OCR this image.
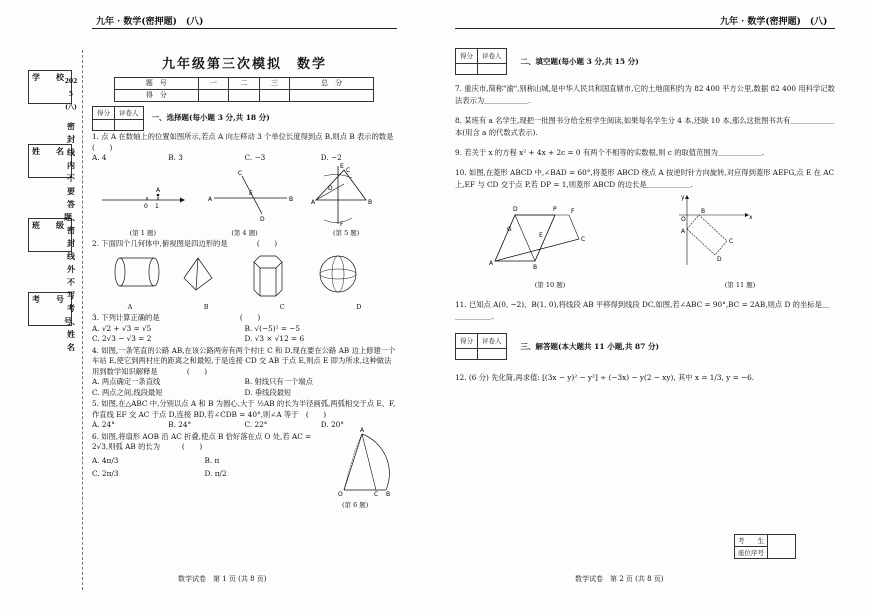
九年 · 数学(密押题)　(八)	九年 · 数学(密押题)　(八)
学　校
姓　名
班　级
考　号
2025(八)
密封线内不要答题、密封线外不写考号、姓名
九年级第三次模拟　数学
题　号	一	二	三	总　分
得　分				
得分	评卷人

一、选择题(每小题 3 分,共 18 分)
1. 点 A 在数轴上的位置如图所示,若点 A 向左移动 3 个单位长度得到点 B,则点 B 表示的数是　　　　(　　)
A. 4	B. 3	C. −3	D. −2
0 1
A
A	B
C
D
E
E
F
A	B
C
D
(第 1 题)	(第 4 题)	(第 5 题)
2. 下面四个几何体中,俯视图是四边形的是　　　　(　　)
A	B	C	D
3. 下列计算正确的是　　　　　　　　　　　(　　)
A. √2 + √3 = √5	B. √(−5)² = −5
C. 2√3 − √3 = 2	D. √3 × √12 = 6
4. 如图,一条笔直的公路 AB,在该公路两旁有两个村庄 C 和 D,现在要在公路 AB 边上修建一个车站 E,使它到两村庄的距离之和最短,于是连接 CD 交 AB 于点 E,则点 E 即为所求,这种做法用到数学知识解释是　　　　(　　)
A. 两点确定一条直线	B. 射线只有一个端点
C. 两点之间,线段最短	D. 垂线段最短
5. 如图,在△ABC 中,分别以点 A 和 B 为圆心,大于 ½AB 的长为半径画弧,两弧相交于点 E、F,作直线 EF 交 AC 于点 D,连接 BD,若∠CDB = 40°,则∠A 等于　(　　)
A. 24°	B. 24°	C. 22°	D. 20°
6. 如图,将扇形 AOB 沿 AC 折叠,使点 B 恰好落在点 O 处,若 AC = 2√3,则弧 AB 的长为　　　(　　)
A. 4π/3	B. π
C. 2π/3	D. π/2
O	C B
A
(第 6 题)
数学试卷　第 1 页 (共 8 页)
得分	评卷人

二、填空题(每小题 3 分,共 15 分)
7. 重庆市,简称"渝",别称山城,是中华人民共和国直辖市,它的土地面积约为 82 400 平方公里,数据 82 400 用科学记数法表示为＿＿＿＿＿＿.
8. 某班有 a 名学生,现把一批图书分给全班学生阅读,如果每名学生分 4 本,还缺 10 本,那么这批图书共有＿＿＿＿＿＿本(用含 a 的代数式表示).
9. 若关于 x 的方程 x² + 4x + 2c = 0 有两个不相等的实数根,则 c 的取值范围为＿＿＿＿＿＿.
10. 如图,在菱形 ABCD 中,∠BAD = 60°,将菱形 ABCD 绕点 A 按逆时针方向旋转,对应得到菱形 AEFG,点 E 在 AC 上,EF 与 CD 交于点 P,若 DP = 1,则菱形 ABCD 的边长是＿＿＿＿＿＿.
D	P F
C
A
B
G
E
y
x
O
B
A
C
D
(第 10 题)	(第 11 题)
11. 已知点 A(0, −2)、B(1, 0),将线段 AB 平移得到线段 DC,如图,若∠ABC = 90°,BC = 2AB,则点 D 的坐标是＿＿＿＿＿＿.
得分	评卷人

三、解答题(本大题共 11 小题,共 87 分)
12. (6 分) 先化简,再求值: [(3x − y)² − y²] ÷ (−3x) − y(2 − xy), 其中 x = 1/3, y = −6.
考　　生	
座位序号
数学试卷　第 2 页 (共 8 页)
